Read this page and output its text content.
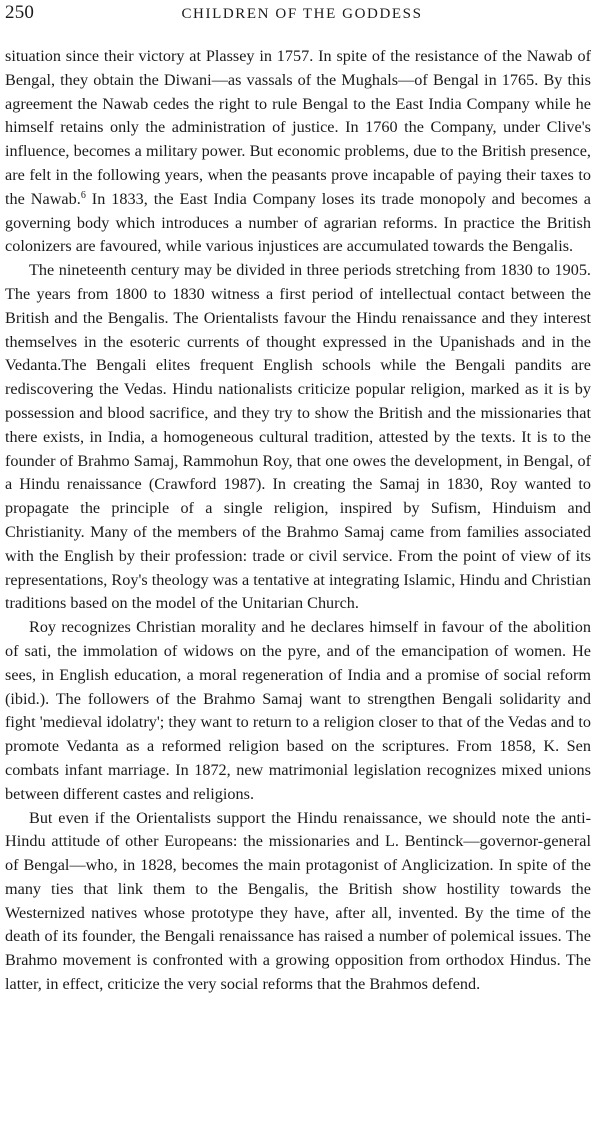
250	CHILDREN OF THE GODDESS

situation since their victory at Plassey in 1757. In spite of the resistance of the Nawab of Bengal, they obtain the Diwani—as vassals of the Mughals—of Bengal in 1765. By this agreement the Nawab cedes the right to rule Bengal to the East India Company while he himself retains only the administration of justice. In 1760 the Company, under Clive's influence, becomes a military power. But economic problems, due to the British presence, are felt in the following years, when the peasants prove incapable of paying their taxes to the Nawab.$^6$ In 1833, the East India Company loses its trade monopoly and becomes a governing body which introduces a number of agrarian reforms. In practice the British colonizers are favoured, while various injustices are accumulated towards the Bengalis.

The nineteenth century may be divided in three periods stretching from 1830 to 1905. The years from 1800 to 1830 witness a first period of intellectual contact between the British and the Bengalis. The Orientalists favour the Hindu renaissance and they interest themselves in the esoteric currents of thought expressed in the Upanishads and in the Vedanta.The Bengali elites frequent English schools while the Bengali pandits are rediscovering the Vedas. Hindu nationalists criticize popular religion, marked as it is by possession and blood sacrifice, and they try to show the British and the missionaries that there exists, in India, a homogeneous cultural tradition, attested by the texts. It is to the founder of Brahmo Samaj, Rammohun Roy, that one owes the development, in Bengal, of a Hindu renaissance (Crawford 1987). In creating the Samaj in 1830, Roy wanted to propagate the principle of a single religion, inspired by Sufism, Hinduism and Christianity. Many of the members of the Brahmo Samaj came from families associated with the English by their profession: trade or civil service. From the point of view of its representations, Roy's theology was a tentative at integrating Islamic, Hindu and Christian traditions based on the model of the Unitarian Church.

Roy recognizes Christian morality and he declares himself in favour of the abolition of sati, the immolation of widows on the pyre, and of the emancipation of women. He sees, in English education, a moral regeneration of India and a promise of social reform (ibid.). The followers of the Brahmo Samaj want to strengthen Bengali solidarity and fight 'medieval idolatry'; they want to return to a religion closer to that of the Vedas and to promote Vedanta as a reformed religion based on the scriptures. From 1858, K. Sen combats infant marriage. In 1872, new matrimonial legislation recognizes mixed unions between different castes and religions.

But even if the Orientalists support the Hindu renaissance, we should note the anti-Hindu attitude of other Europeans: the missionaries and L. Bentinck—governor-general of Bengal—who, in 1828, becomes the main protagonist of Anglicization. In spite of the many ties that link them to the Bengalis, the British show hostility towards the Westernized natives whose prototype they have, after all, invented. By the time of the death of its founder, the Bengali renaissance has raised a number of polemical issues. The Brahmo movement is confronted with a growing opposition from orthodox Hindus. The latter, in effect, criticize the very social reforms that the Brahmos defend.
